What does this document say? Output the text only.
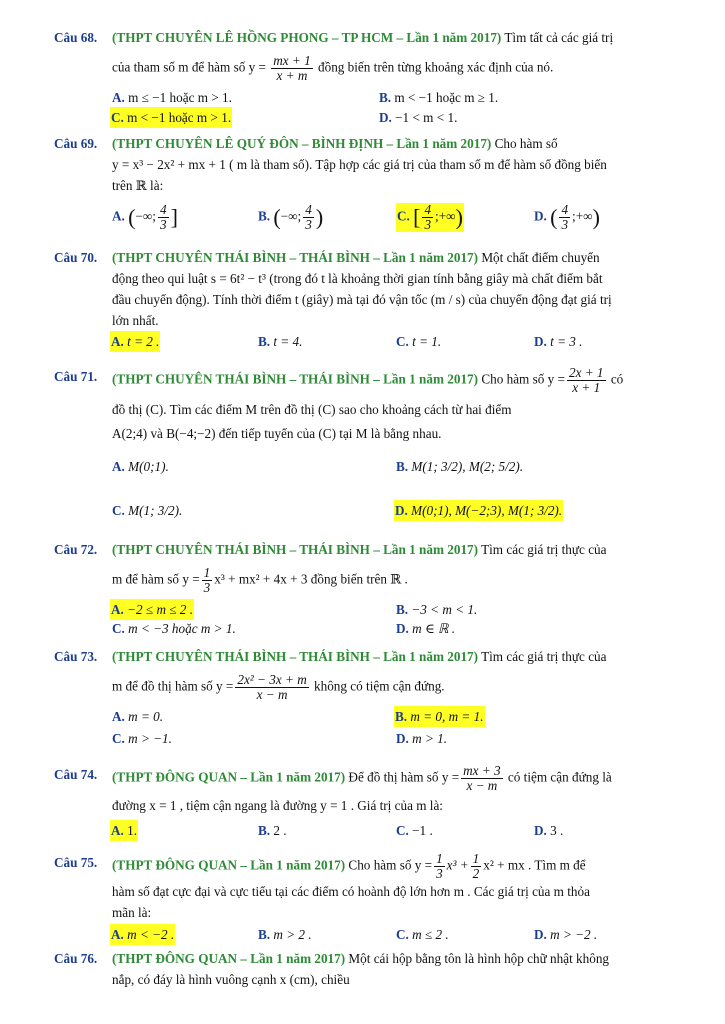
Câu 68. (THPT CHUYÊN LÊ HỒNG PHONG – TP HCM – Lần 1 năm 2017) Tìm tất cả các giá trị
của tham số m để hàm số $y = \frac{mx + 1}{x + m}$ đồng biến trên từng khoảng xác định của nó.
A. m ≤ −1 hoặc m > 1.	B. m < −1 hoặc m ≥ 1.
C. m < −1 hoặc m > 1.	D. −1 < m < 1.
Câu 69. (THPT CHUYÊN LÊ QUÝ ĐÔN – BÌNH ĐỊNH – Lần 1 năm 2017) Cho hàm số
y = x³ − 2x² + mx + 1 ( m là tham số). Tập hợp các giá trị của tham số m để hàm số đồng biến
trên ℝ là:
A. (−∞; $\frac{4}{3}$ ]	B. (−∞; $\frac{4}{3}$ )	C. [ $\frac{4}{3}$ ;+∞)	D. ( $\frac{4}{3}$ ;+∞)
Câu 70. (THPT CHUYÊN THÁI BÌNH – THÁI BÌNH – Lần 1 năm 2017) Một chất điểm chuyển
động theo qui luật s = 6t² − t³ (trong đó t là khoảng thời gian tính bằng giây mà chất điểm bắt
đầu chuyển động). Tính thời điểm t (giây) mà tại đó vận tốc (m / s) của chuyển động đạt giá trị
lớn nhất.
A. t = 2 .	B. t = 4.	C. t = 1.	D. t = 3 .
Câu 71. (THPT CHUYÊN THÁI BÌNH – THÁI BÌNH – Lần 1 năm 2017) Cho hàm số $y = \frac{2x + 1}{x + 1}$ có
đồ thị (C). Tìm các điểm M trên đồ thị (C) sao cho khoảng cách từ hai điểm
A(2;4) và B(−4;−2) đến tiếp tuyến của (C) tại M là bằng nhau.
A. M(0;1).	B. M(1; 3/2), M(2; 5/2).
C. M(1; 3/2).	D. M(0;1), M(−2;3), M(1; 3/2).
Câu 72. (THPT CHUYÊN THÁI BÌNH – THÁI BÌNH – Lần 1 năm 2017) Tìm các giá trị thực của
m để hàm số $y = \frac{1}{3} x^3 + mx^2 + 4x + 3$ đồng biến trên ℝ .
A. −2 ≤ m ≤ 2 .	B. −3 < m < 1.
C. m < −3 hoặc m > 1.	D. m ∈ ℝ .
Câu 73. (THPT CHUYÊN THÁI BÌNH – THÁI BÌNH – Lần 1 năm 2017) Tìm các giá trị thực của
m để đồ thị hàm số $y = \frac{\text{2x² − 3x + m}}{x - m}$ không có tiệm cận đứng.
A. m = 0.	B. m = 0, m = 1.
C. m > −1.	D. m > 1.
Câu 74. (THPT ĐÔNG QUAN – Lần 1 năm 2017) Để đồ thị hàm số $y = \frac{mx + 3}{x - m}$ có tiệm cận đứng là
đường x = 1 , tiệm cận ngang là đường y = 1 . Giá trị của m là:
A. 1.	B. 2 .	C. −1 .	D. 3 .
Câu 75. (THPT ĐÔNG QUAN – Lần 1 năm 2017) Cho hàm số $y = \frac{1}{3} x^3 + \frac{1}{2} x^2$ + mx . Tìm m để
hàm số đạt cực đại và cực tiểu tại các điểm có hoành độ lớn hơn m . Các giá trị của m thỏa
mãn là:
A. m < −2 .	B. m > 2 .	C. m ≤ 2 .	D. m > −2 .
Câu 76. (THPT ĐÔNG QUAN – Lần 1 năm 2017) Một cái hộp bằng tôn là hình hộp chữ nhật không
nắp, có đáy là hình vuông cạnh x (cm), chiều
